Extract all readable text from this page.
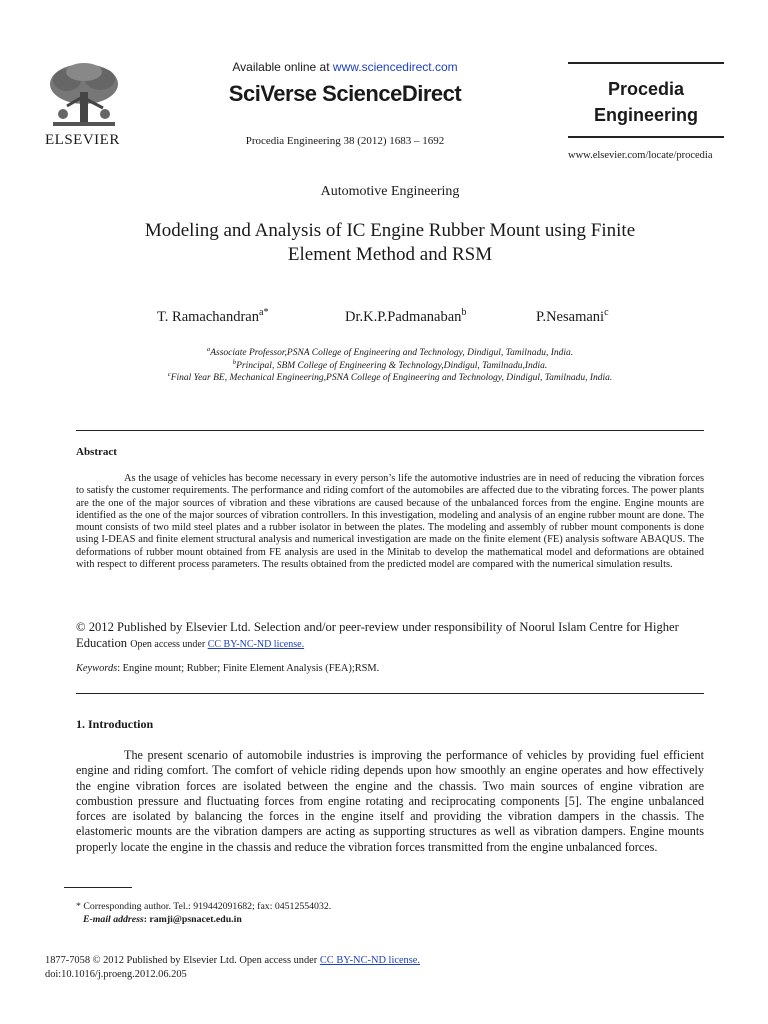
ELSEVIER
Available online at www.sciencedirect.com
SciVerse ScienceDirect
Procedia Engineering 38 (2012) 1683 – 1692
Procedia
Engineering
www.elsevier.com/locate/procedia
Automotive Engineering
Modeling and Analysis of IC Engine Rubber Mount using Finite
Element Method and RSM
T. Ramachandran$^{a*}$	Dr.K.P.Padmanaban$^b$	P.Nesamani$^c$
$^a$Associate Professor,PSNA College of Engineering and Technology, Dindigul, Tamilnadu, India.
$^b$Principal, SBM College of Engineering & Technology,Dindigul, Tamilnadu,India.
$^c$Final Year BE, Mechanical Engineering,PSNA College of Engineering and Technology, Dindigul, Tamilnadu, India.
Abstract
As the usage of vehicles has become necessary in every person’s life the automotive industries are in need of reducing the vibration forces to satisfy the customer requirements. The performance and riding comfort of the automobiles are affected due to the vibrating forces. The power plants are the one of the major sources of vibration and these vibrations are caused because of the unbalanced forces from the engine. Engine mounts are identified as the one of the major sources of vibration controllers. In this investigation, modeling and analysis of an engine rubber mount are done. The mount consists of two mild steel plates and a rubber isolator in between the plates. The modeling and assembly of rubber mount components is done using I-DEAS and finite element structural analysis and numerical investigation are made on the finite element (FE) analysis software ABAQUS. The deformations of rubber mount obtained from FE analysis are used in the Minitab to develop the mathematical model and deformations are obtained with respect to different process parameters. The results obtained from the predicted model are compared with the numerical simulation results.
© 2012 Published by Elsevier Ltd. Selection and/or peer-review under responsibility of Noorul Islam Centre for Higher Education Open access under CC BY-NC-ND license.
Keywords: Engine mount; Rubber; Finite Element Analysis (FEA);RSM.
1. Introduction
The present scenario of automobile industries is improving the performance of vehicles by providing fuel efficient engine and riding comfort. The comfort of vehicle riding depends upon how smoothly an engine operates and how effectively the engine vibration forces are isolated between the engine and the chassis. Two main sources of engine vibration are combustion pressure and fluctuating forces from engine rotating and reciprocating components [5]. The engine unbalanced forces are isolated by balancing the forces in the engine itself and providing the vibration dampers in the chassis. The elastomeric mounts are the vibration dampers are acting as supporting structures as well as vibration dampers. Engine mounts properly locate the engine in the chassis and reduce the vibration forces transmitted from the engine unbalanced forces.
* Corresponding author. Tel.: 919442091682; fax: 04512554032.
E-mail address: ramji@psnacet.edu.in
1877-7058 © 2012 Published by Elsevier Ltd. Open access under CC BY-NC-ND license.
doi:10.1016/j.proeng.2012.06.205
